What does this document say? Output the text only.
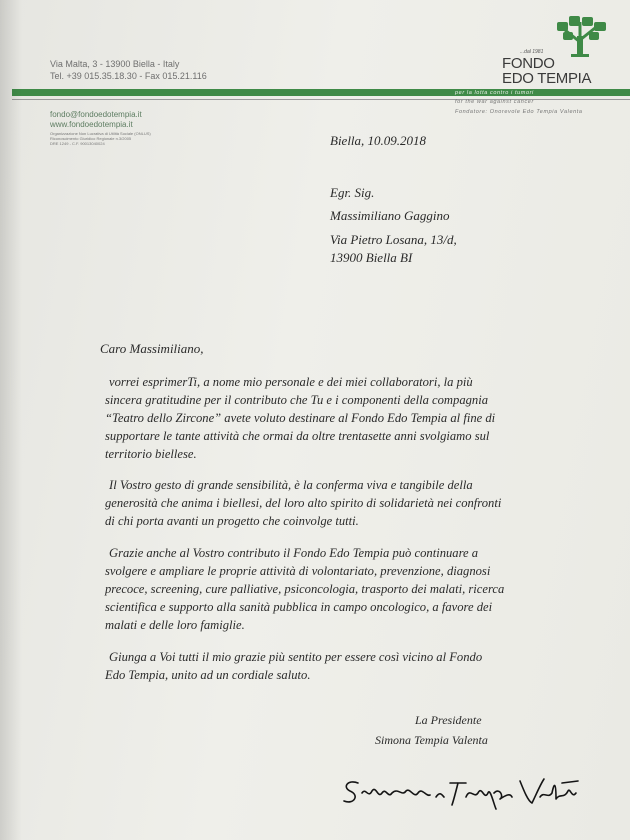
Via Malta, 3 - 13900 Biella - Italy
Tel. +39 015.35.18.30 - Fax 015.21.116
...dal 1981
FONDO
EDO TEMPIA
per la lotta contro i tumori
for the war against cancer
Fondatore: Onorevole Edo Tempia Valenta
fondo@fondoedotempia.it
www.fondoedotempia.it
Organizzazione Non Lucrativa di Utilità Sociale (ONLUS)
Riconoscimento Giuridico Regionale n.3/2005
DRE 1249 - C.F. 90013040024	Biella, 10.09.2018
Egr. Sig.
Massimiliano Gaggino
Via Pietro Losana, 13/d,
13900 Biella BI
Caro Massimiliano,
vorrei esprimerTi, a nome mio personale e dei miei collaboratori, la più
sincera gratitudine per il contributo che Tu e i componenti della compagnia
“Teatro dello Zircone” avete voluto destinare al Fondo Edo Tempia al fine di
supportare le tante attività che ormai da oltre trentasette anni svolgiamo sul
territorio biellese.
Il Vostro gesto di grande sensibilità, è la conferma viva e tangibile della
generosità che anima i biellesi, del loro alto spirito di solidarietà nei confronti
di chi porta avanti un progetto che coinvolge tutti.
Grazie anche al Vostro contributo il Fondo Edo Tempia può continuare a
svolgere e ampliare le proprie attività di volontariato, prevenzione, diagnosi
precoce, screening, cure palliative, psiconcologia, trasporto dei malati, ricerca
scientifica e supporto alla sanità pubblica in campo oncologico, a favore dei
malati e delle loro famiglie.
Giunga a Voi tutti il mio grazie più sentito per essere così vicino al Fondo
Edo Tempia, unito ad un cordiale saluto.
La Presidente
Simona Tempia Valenta
